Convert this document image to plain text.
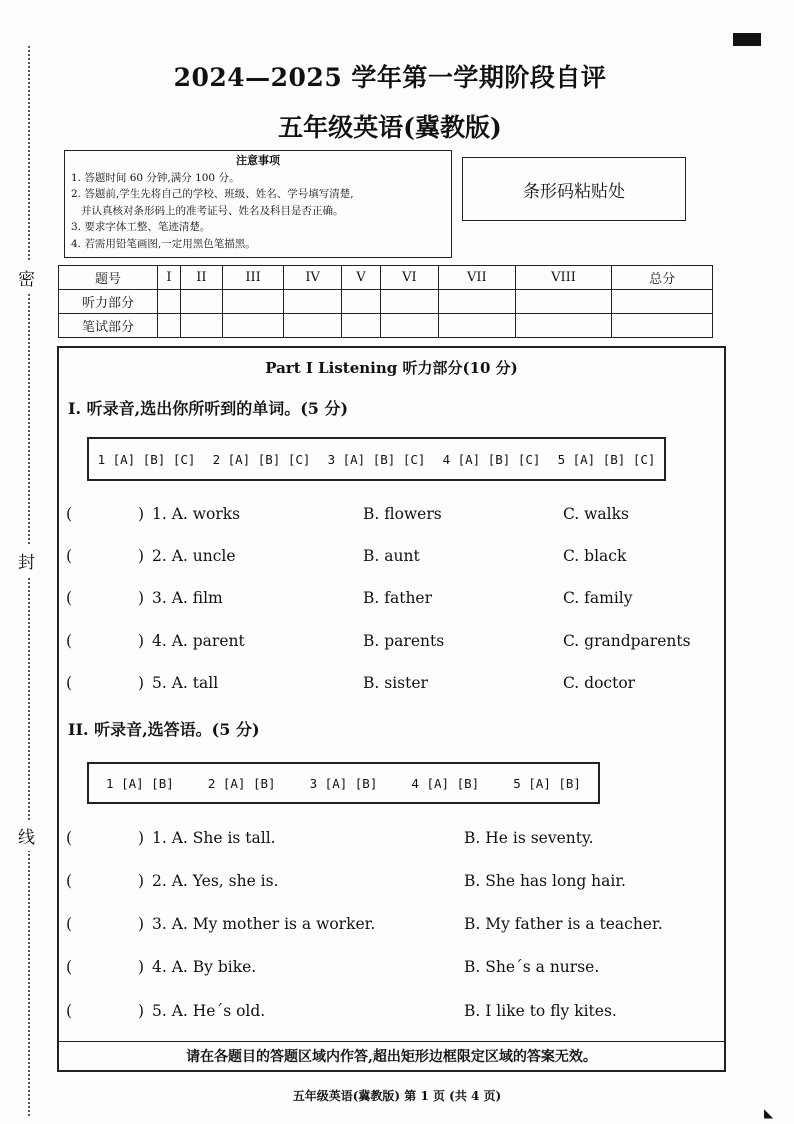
◣
密
封
线
2024—2025 学年第一学期阶段自评
五年级英语(冀教版)
注意事项
1. 答题时间 60 分钟,满分 100 分。
2. 答题前,学生先将自己的学校、班级、姓名、学号填写清楚,
并认真核对条形码上的准考证号、姓名及科目是否正确。
3. 要求字体工整、笔迹清楚。
4. 若需用铅笔画图,一定用黑色笔描黑。
条形码粘贴处
题号	I	II	III	IV	V	VI	VII	VIII	总分
听力部分									
笔试部分									
Part I Listening 听力部分(10 分)
I. 听录音,选出你所听到的单词。(5 分)
1 [A] [B] [C] 2 [A] [B] [C] 3 [A] [B] [C] 4 [A] [B] [C] 5 [A] [B] [C]
(	) 1. A. works	B. flowers	C. walks
(	) 2. A. uncle	B. aunt	C. black
(	) 3. A. film	B. father	C. family
(	) 4. A. parent	B. parents	C. grandparents
(	) 5. A. tall	B. sister	C. doctor
II. 听录音,选答语。(5 分)
1 [A] [B]	2 [A] [B]	3 [A] [B]	4 [A] [B]	5 [A] [B]
(	) 1. A. She is tall.	B. He is seventy.
(	) 2. A. Yes, she is.	B. She has long hair.
(	) 3. A. My mother is a worker.	B. My father is a teacher.
(	) 4. A. By bike.	B. She´s a nurse.
(	) 5. A. He´s old.	B. I like to fly kites.
请在各题目的答题区域内作答,超出矩形边框限定区域的答案无效。
五年级英语(冀教版) 第 1 页 (共 4 页)
